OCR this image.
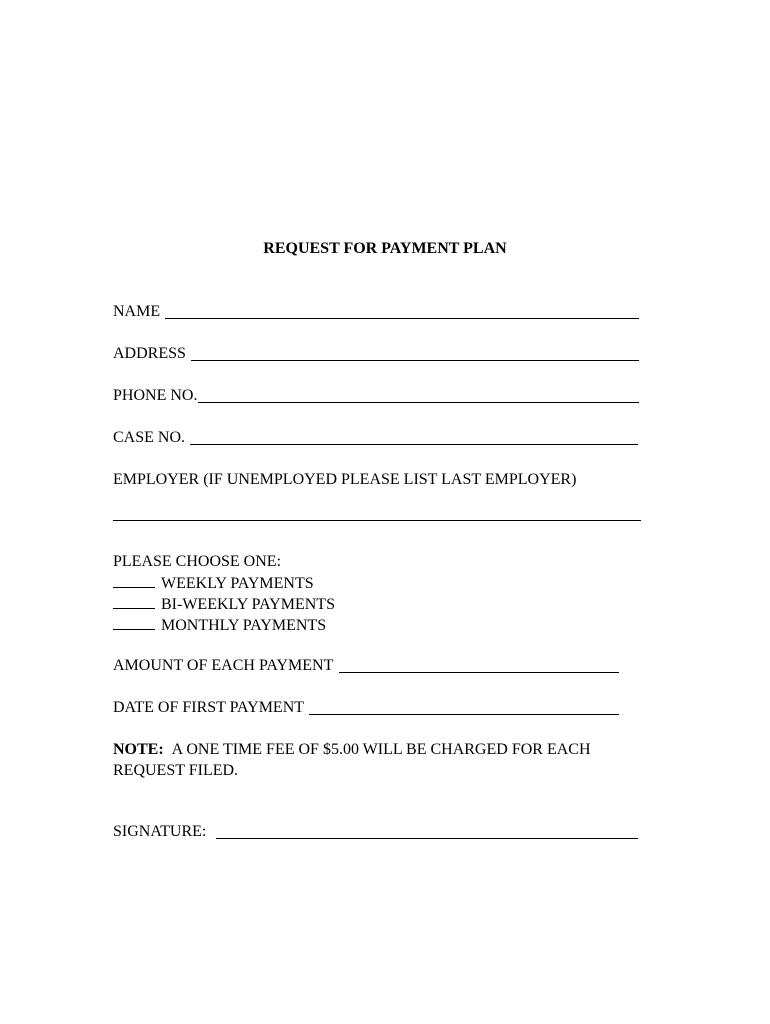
REQUEST FOR PAYMENT PLAN
NAME
ADDRESS
PHONE NO.
CASE NO.
EMPLOYER (IF UNEMPLOYED PLEASE LIST LAST EMPLOYER)
PLEASE CHOOSE ONE:
WEEKLY PAYMENTS
BI-WEEKLY PAYMENTS
MONTHLY PAYMENTS
AMOUNT OF EACH PAYMENT
DATE OF FIRST PAYMENT
NOTE: A ONE TIME FEE OF $5.00 WILL BE CHARGED FOR EACH
REQUEST FILED.
SIGNATURE:
